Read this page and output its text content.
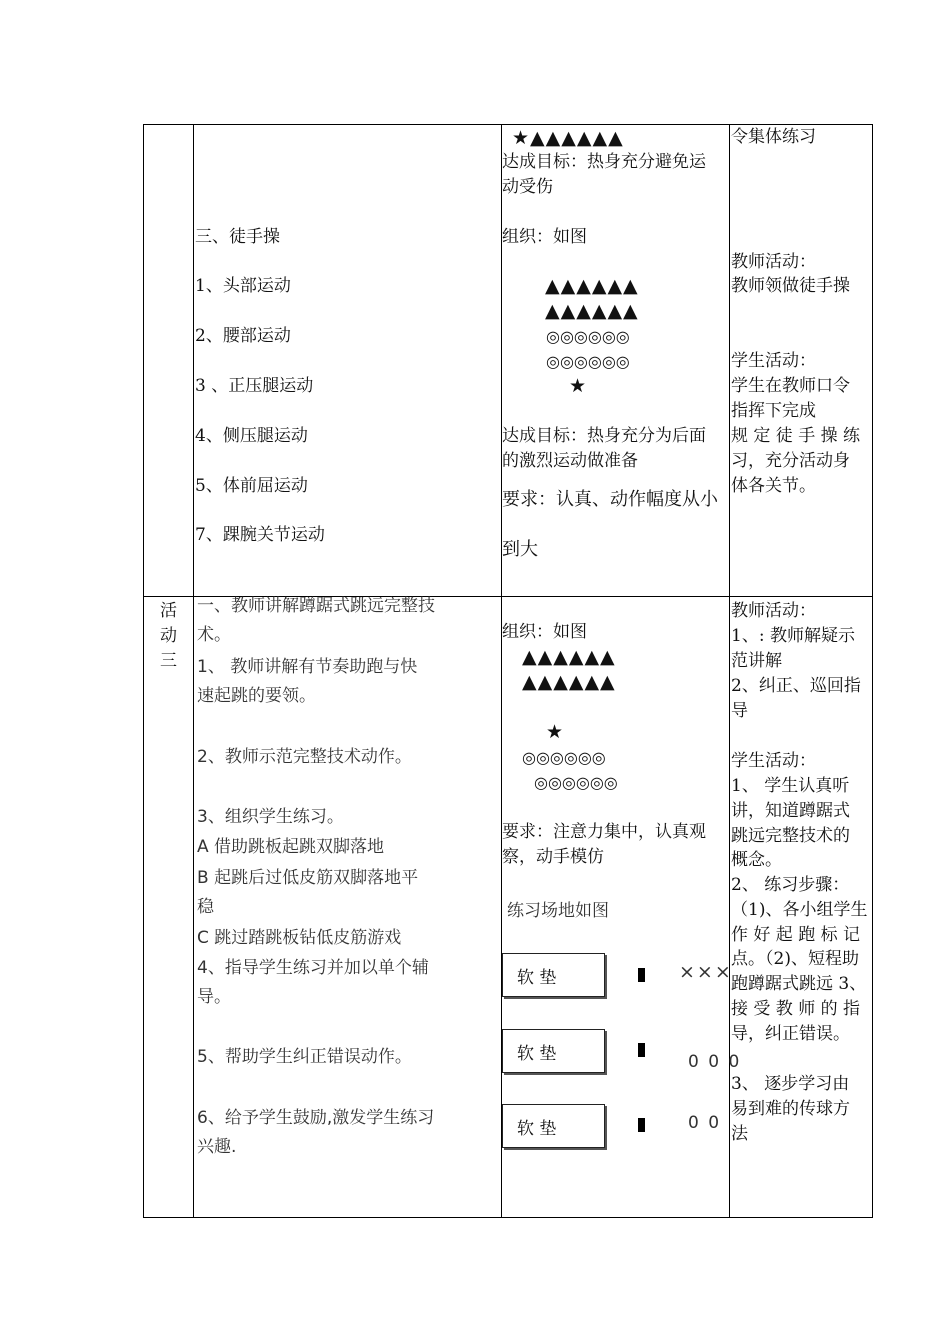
三、徒手操
1、头部运动
2、腰部运动
3 、正压腿运动
4、侧压腿运动
5、体前屈运动
7、踝腕关节运动
★▲▲▲▲▲▲
达成目标：热身充分避免运
动受伤
组织：如图
▲▲▲▲▲▲
▲▲▲▲▲▲
◎◎◎◎◎◎
◎◎◎◎◎◎
★
达成目标：热身充分为后面
的激烈运动做准备
要求：认真、动作幅度从小
到大
令集体练习
教师活动：
教师领做徒手操
学生活动：
学生在教师口令
指挥下完成
规 定 徒 手 操 练
习，充分活动身
体各关节。
活
动
三
一、教师讲解蹲踞式跳远完整技
术。
1、 教师讲解有节奏助跑与快
速起跳的要领。
2、教师示范完整技术动作。
3、组织学生练习。
A 借助跳板起跳双脚落地
B 起跳后过低皮筋双脚落地平
稳
C 跳过踏跳板钻低皮筋游戏
4、指导学生练习并加以单个辅
导。
5、帮助学生纠正错误动作。
6、给予学生鼓励,激发学生练习
兴趣.
组织：如图
▲▲▲▲▲▲
▲▲▲▲▲▲
★
◎◎◎◎◎◎
◎◎◎◎◎◎
要求：注意力集中，认真观
察，动手模仿
练习场地如图
软 垫
软 垫
软 垫
×××
0 0 0
0 0
教师活动：
1、: 教师解疑示
范讲解
2、纠正、巡回指
导
学生活动：
1、 学生认真听
讲，知道蹲踞式
跳远完整技术的
概念。
2、 练习步骤：
（1)、各小组学生
作 好 起 跑 标 记
点。（2)、短程助
跑蹲踞式跳远 3、
接 受 教 师 的 指
导，纠正错误。
3、 逐步学习由
易到难的传球方
法
